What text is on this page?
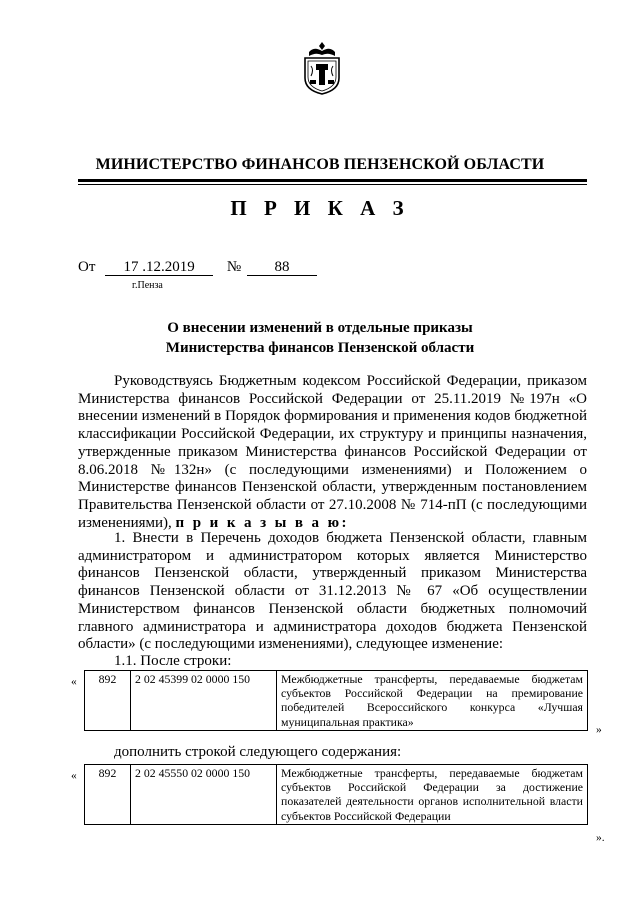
МИНИСТЕРСТВО ФИНАНСОВ ПЕНЗЕНСКОЙ ОБЛАСТИ
П Р И К А З
От 17 .12.2019 № 88
г.Пенза
О внесении изменений в отдельные приказы
Министерства финансов Пензенской области

Руководствуясь Бюджетным кодексом Российской Федерации, приказом Министерства финансов Российской Федерации от 25.11.2019 №197н «О внесении изменений в Порядок формирования и применения кодов бюджетной классификации Российской Федерации, их структуру и принципы назначения, утвержденные приказом Министерства финансов Российской Федерации от 8.06.2018 №132н» (с последующими изменениями) и Положением о Министерстве финансов Пензенской области, утвержденным постановлением Правительства Пензенской области от 27.10.2008 № 714-пП (с последующими изменениями), п р и к а з ы в а ю:

1. Внести в Перечень доходов бюджета Пензенской области, главным администратором и администратором которых является Министерство финансов Пензенской области, утвержденный приказом Министерства финансов Пензенской области от 31.12.2013 № 67 «Об осуществлении Министерством финансов Пензенской области бюджетных полномочий главного администратора и администратора доходов бюджета Пензенской области» (с последующими изменениями), следующее изменение:

1.1. После строки:
« 892	2 02 45399 02 0000 150	Межбюджетные трансферты, передаваемые бюджетам субъектов Российской Федерации на премирование победителей Всероссийского конкурса «Лучшая муниципальная практика»
»
дополнить строкой следующего содержания:
« 892	2 02 45550 02 0000 150	Межбюджетные трансферты, передаваемые бюджетам субъектов Российской Федерации за достижение показателей деятельности органов исполнительной власти субъектов Российской Федерации
».
